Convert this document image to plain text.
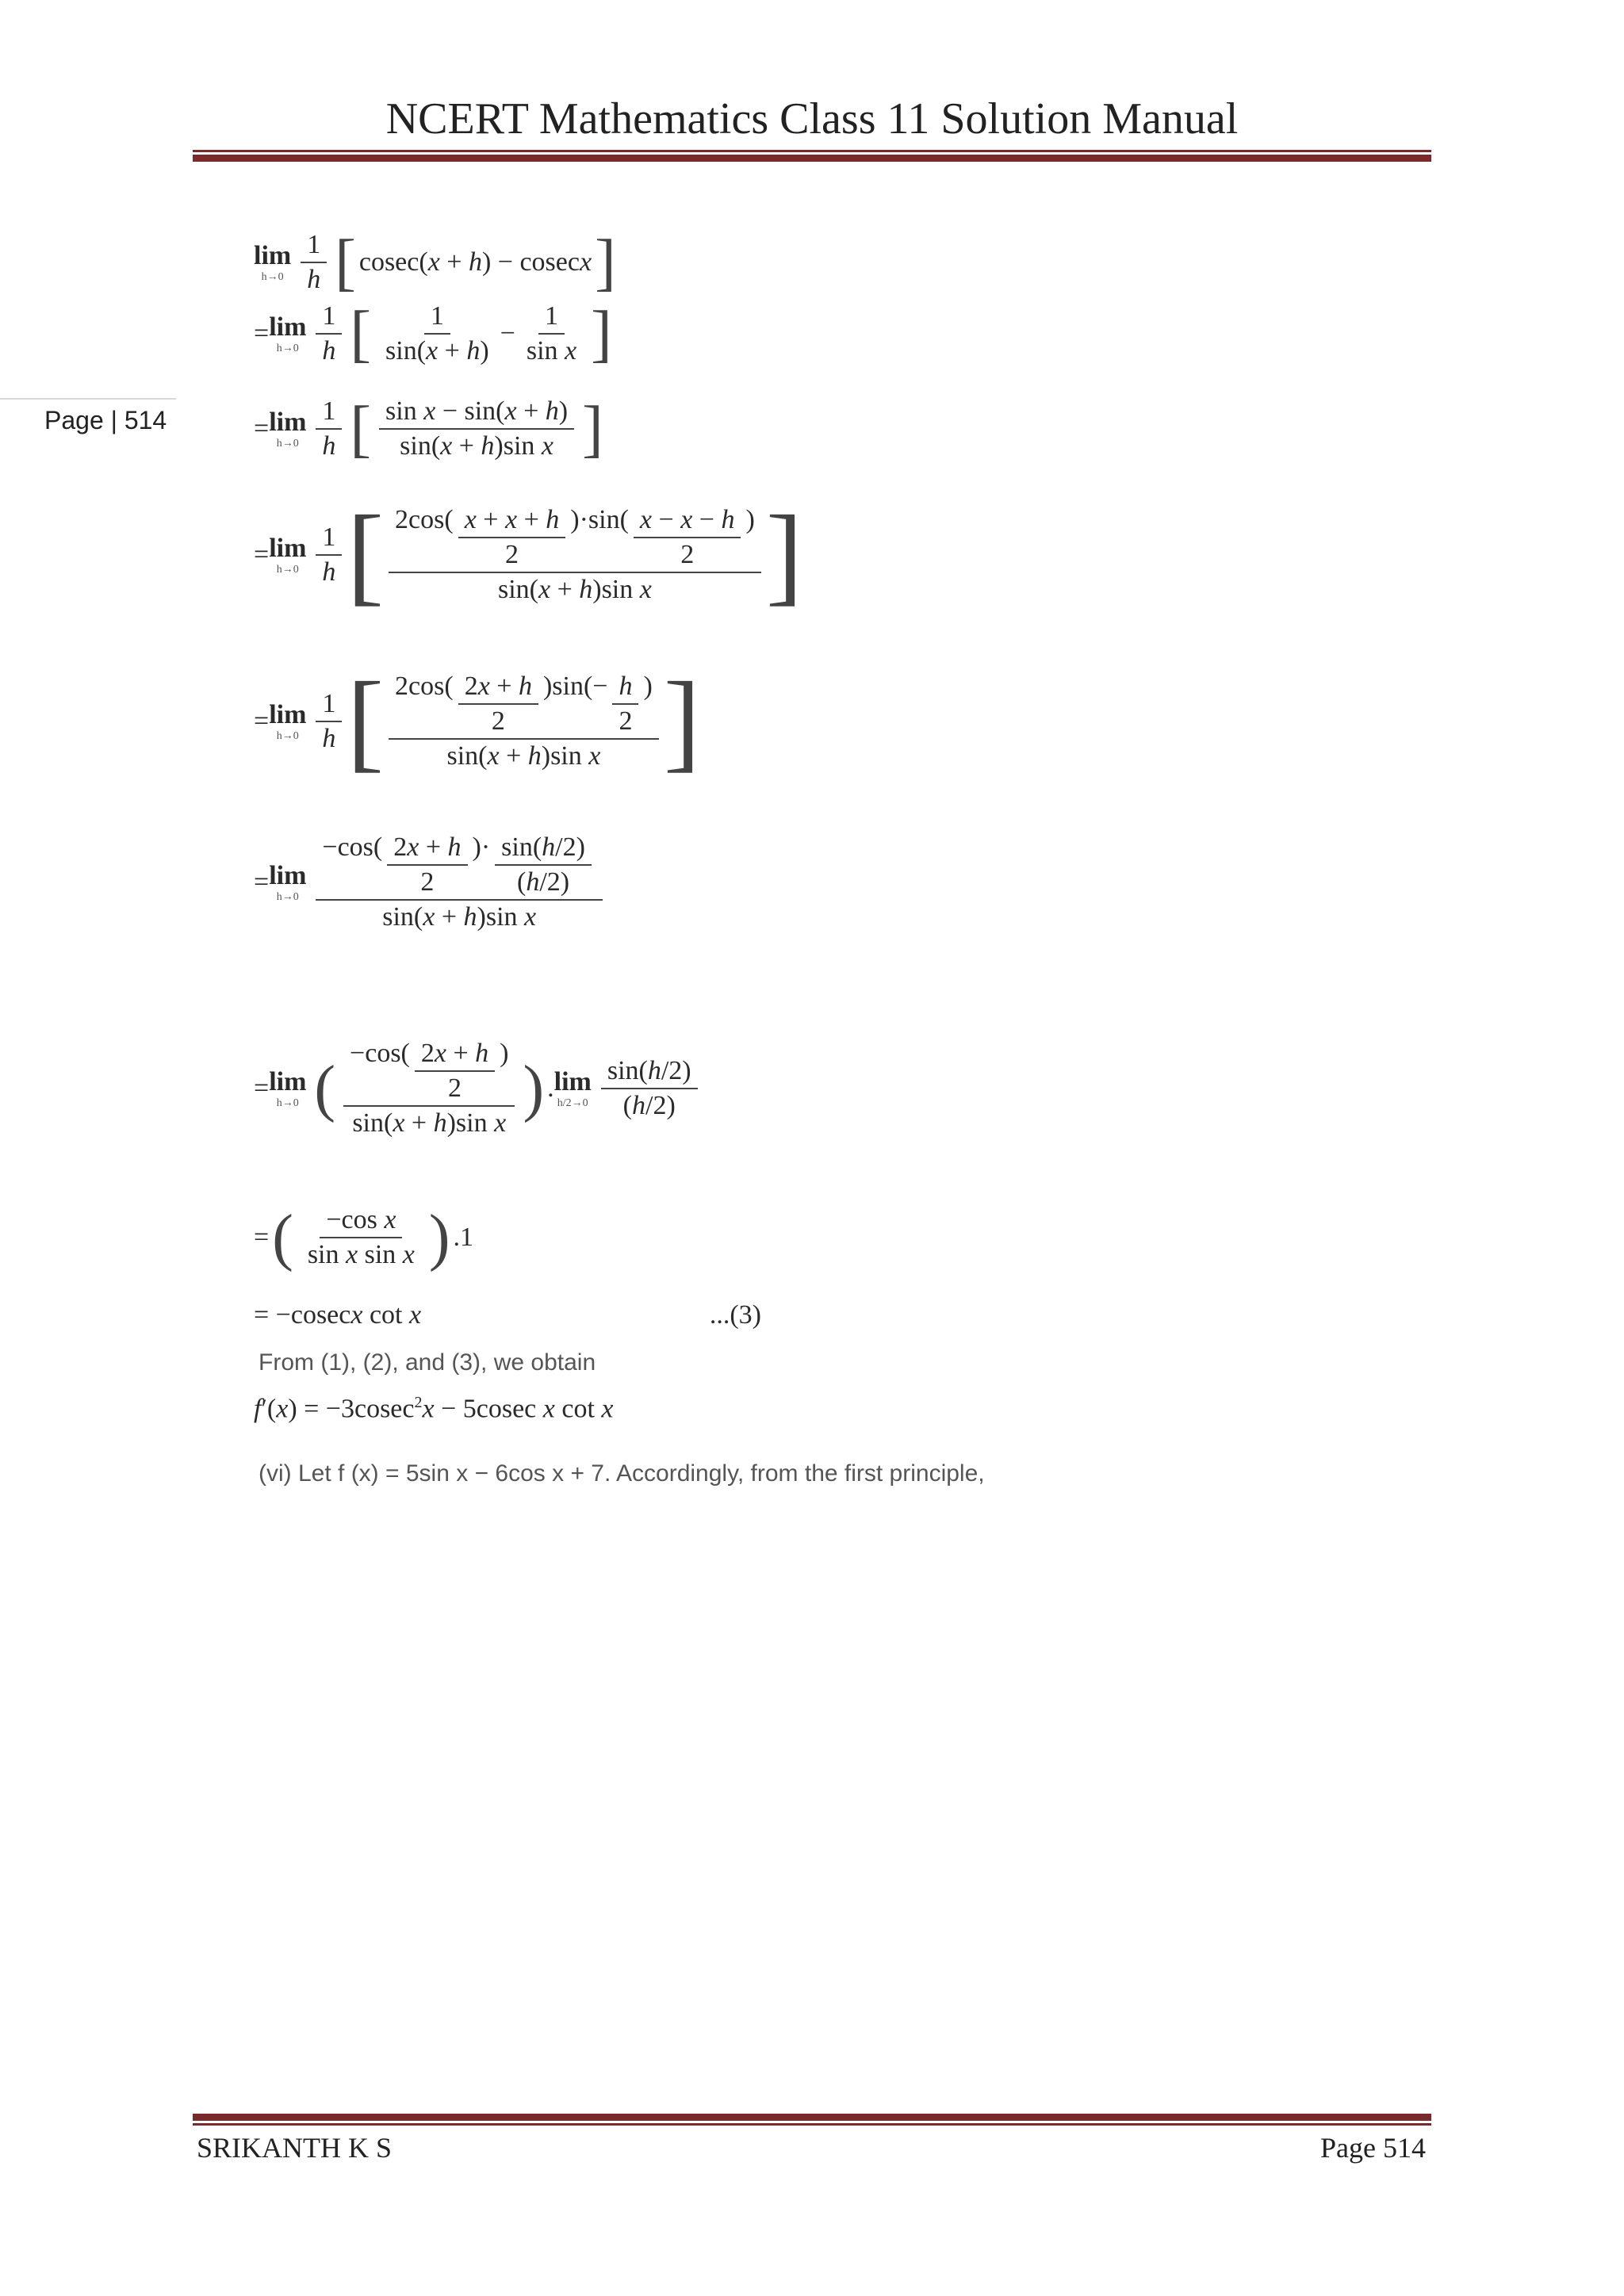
NCERT Mathematics Class 11 Solution Manual
Page | 514
lim
$h\to 0 \frac{1}{h}$ [ cosec(x + h) − cosecx ]
= lim
$h\to 0 \frac{1}{h}$ [ $\frac{1}{\sin(x + h)} - \frac{1}{\text{sin x}}$ ]
= lim
$h\to 0 \frac{1}{h}$ [ $\frac{\text{sin x − sin(x + h)}}{\text{sin(x + h)sin x}}$ ]
= lim
$h\to 0 \frac{1}{h}$ [ $\frac{2\cos( \frac{x + x + h}{2} )\cdot\sin( \frac{x - x - h}{2} )}{\text{sin(x + h)sin x}}$ ]
= lim
$h\to 0 \frac{1}{h}$ [ $\frac{2\cos( \frac{2x + h}{2} )\sin(- \frac{h}{2} )}{\text{sin(x + h)sin x}}$ ]
= lim
$h\to 0 \frac{-\cos( \frac{2x + h}{2} )\cdot \frac{\sin(h/2)}{(h/2)}}{\text{sin(x + h)sin x}}$
= lim
h→0 ( $\frac{-\cos( \frac{2x + h}{2} )}{\text{sin(x + h)sin x}}$ ) . lim
$h/2\to 0 \frac{\sin(h/2)}{(h/2)}$
= ( $\frac{\text{−cos x}}{\text{sin x sin x}}$ ) .1
= −cosecx cot x	...(3)
From (1), (2), and (3), we obtain
f′(x) = −3cosec$^2$x − 5cosec x cot x
(vi) Let f (x) = 5sin x − 6cos x + 7. Accordingly, from the first principle,
SRIKANTH K S	Page 514
